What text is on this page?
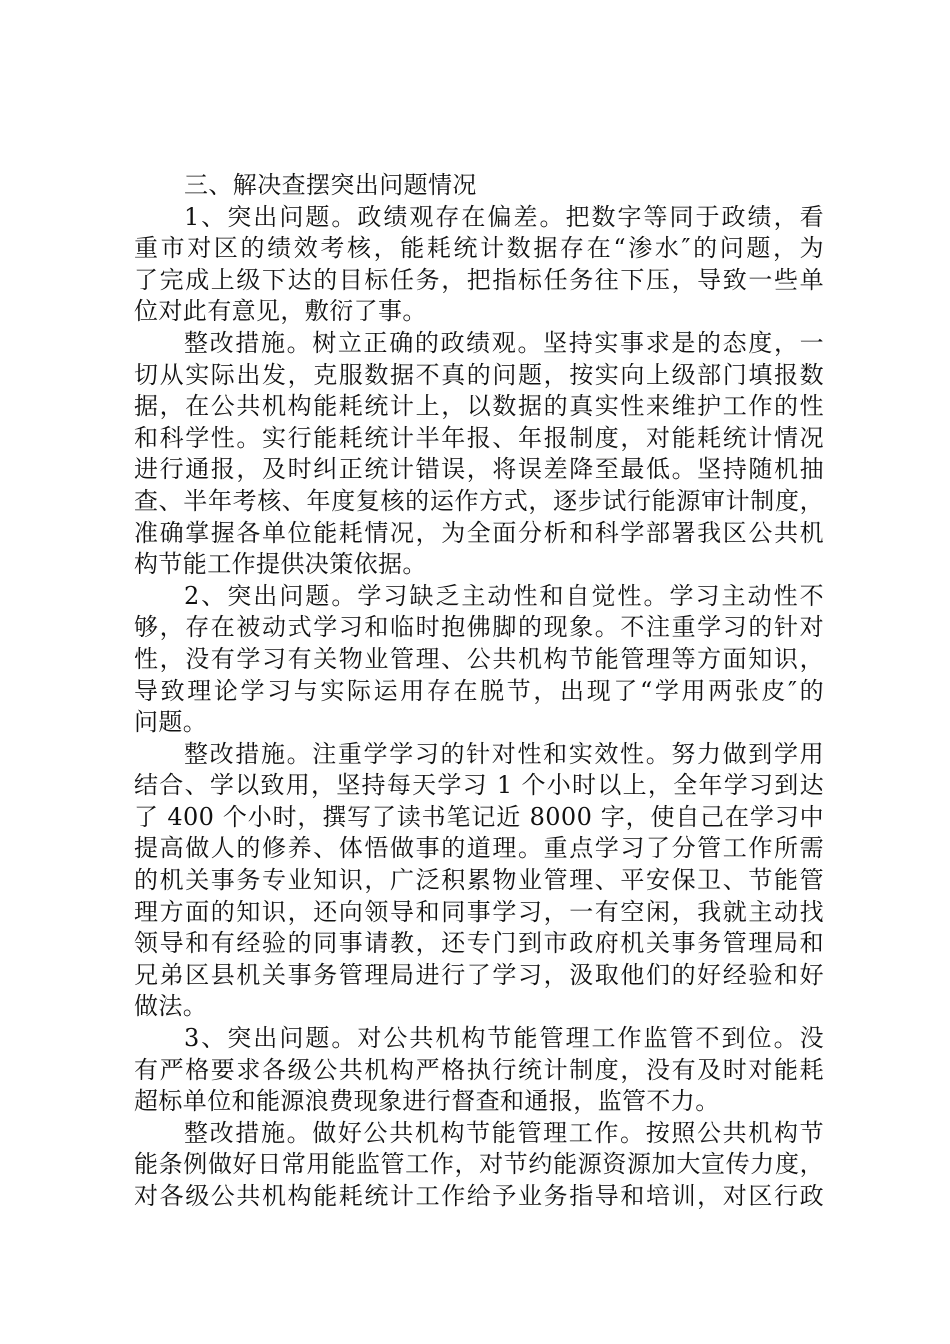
三、解决查摆突出问题情况
1、突出问题。政绩观存在偏差。把数字等同于政绩，看
重市对区的绩效考核，能耗统计数据存在“渗水″的问题，为
了完成上级下达的目标任务，把指标任务往下压，导致一些单
位对此有意见，敷衍了事。
整改措施。树立正确的政绩观。坚持实事求是的态度，一
切从实际出发，克服数据不真的问题，按实向上级部门填报数
据，在公共机构能耗统计上，以数据的真实性来维护工作的性
和科学性。实行能耗统计半年报、年报制度，对能耗统计情况
进行通报，及时纠正统计错误，将误差降至最低。坚持随机抽
查、半年考核、年度复核的运作方式，逐步试行能源审计制度，
准确掌握各单位能耗情况，为全面分析和科学部署我区公共机
构节能工作提供决策依据。
2、突出问题。学习缺乏主动性和自觉性。学习主动性不
够，存在被动式学习和临时抱佛脚的现象。不注重学习的针对
性，没有学习有关物业管理、公共机构节能管理等方面知识，
导致理论学习与实际运用存在脱节，出现了“学用两张皮″的
问题。
整改措施。注重学学习的针对性和实效性。努力做到学用
结合、学以致用，坚持每天学习 1 个小时以上，全年学习到达
了 400 个小时，撰写了读书笔记近 8000 字，使自己在学习中
提高做人的修养、体悟做事的道理。重点学习了分管工作所需
的机关事务专业知识，广泛积累物业管理、平安保卫、节能管
理方面的知识，还向领导和同事学习，一有空闲，我就主动找
领导和有经验的同事请教，还专门到市政府机关事务管理局和
兄弟区县机关事务管理局进行了学习，汲取他们的好经验和好
做法。
3、突出问题。对公共机构节能管理工作监管不到位。没
有严格要求各级公共机构严格执行统计制度，没有及时对能耗
超标单位和能源浪费现象进行督查和通报，监管不力。
整改措施。做好公共机构节能管理工作。按照公共机构节
能条例做好日常用能监管工作，对节约能源资源加大宣传力度，
对各级公共机构能耗统计工作给予业务指导和培训，对区行政
